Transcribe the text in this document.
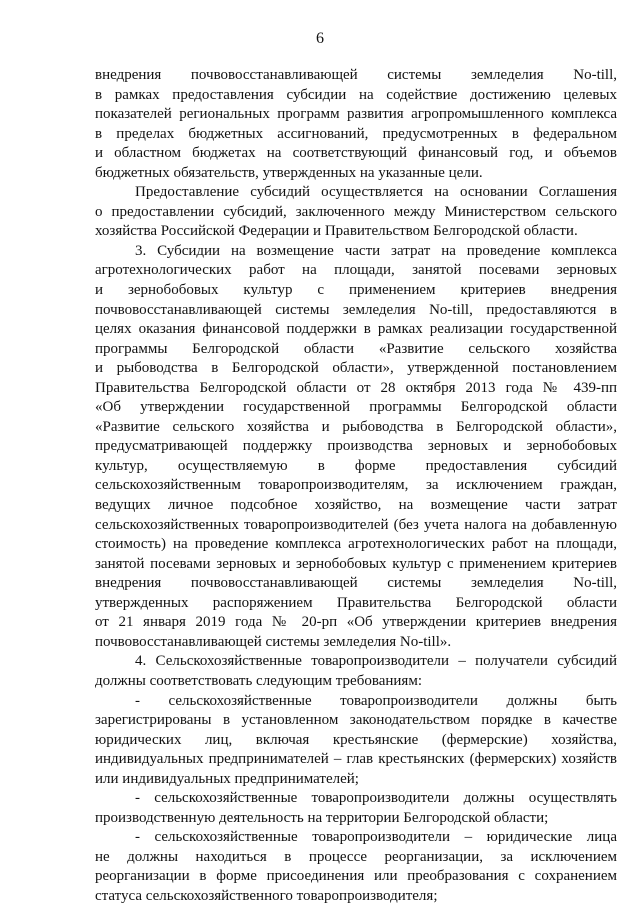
6
внедрения почвовосстанавливающей системы земледелия No-till,
в рамках предоставления субсидии на содействие достижению целевых
показателей региональных программ развития агропромышленного комплекса
в пределах бюджетных ассигнований, предусмотренных в федеральном
и областном бюджетах на соответствующий финансовый год, и объемов
бюджетных обязательств, утвержденных на указанные цели.
Предоставление субсидий осуществляется на основании Соглашения
о предоставлении субсидий, заключенного между Министерством сельского
хозяйства Российской Федерации и Правительством Белгородской области.
3. Субсидии на возмещение части затрат на проведение комплекса
агротехнологических работ на площади, занятой посевами зерновых
и зернобобовых культур с применением критериев внедрения
почвовосстанавливающей системы земледелия No-till, предоставляются в
целях оказания финансовой поддержки в рамках реализации государственной
программы Белгородской области «Развитие сельского хозяйства
и рыбоводства в Белгородской области», утвержденной постановлением
Правительства Белгородской области от 28 октября 2013 года № 439-пп
«Об утверждении государственной программы Белгородской области
«Развитие сельского хозяйства и рыбоводства в Белгородской области»,
предусматривающей поддержку производства зерновых и зернобобовых
культур, осуществляемую в форме предоставления субсидий
сельскохозяйственным товаропроизводителям, за исключением граждан,
ведущих личное подсобное хозяйство, на возмещение части затрат
сельскохозяйственных товаропроизводителей (без учета налога на добавленную
стоимость) на проведение комплекса агротехнологических работ на площади,
занятой посевами зерновых и зернобобовых культур с применением критериев
внедрения почвовосстанавливающей системы земледелия No-till,
утвержденных распоряжением Правительства Белгородской области
от 21 января 2019 года № 20-рп «Об утверждении критериев внедрения
почвовосстанавливающей системы земледелия No-till».
4. Сельскохозяйственные товаропроизводители – получатели субсидий
должны соответствовать следующим требованиям:
- сельскохозяйственные товаропроизводители должны быть
зарегистрированы в установленном законодательством порядке в качестве
юридических лиц, включая крестьянские (фермерские) хозяйства,
индивидуальных предпринимателей – глав крестьянских (фермерских) хозяйств
или индивидуальных предпринимателей;
- сельскохозяйственные товаропроизводители должны осуществлять
производственную деятельность на территории Белгородской области;
- сельскохозяйственные товаропроизводители – юридические лица
не должны находиться в процессе реорганизации, за исключением
реорганизации в форме присоединения или преобразования с сохранением
статуса сельскохозяйственного товаропроизводителя;
